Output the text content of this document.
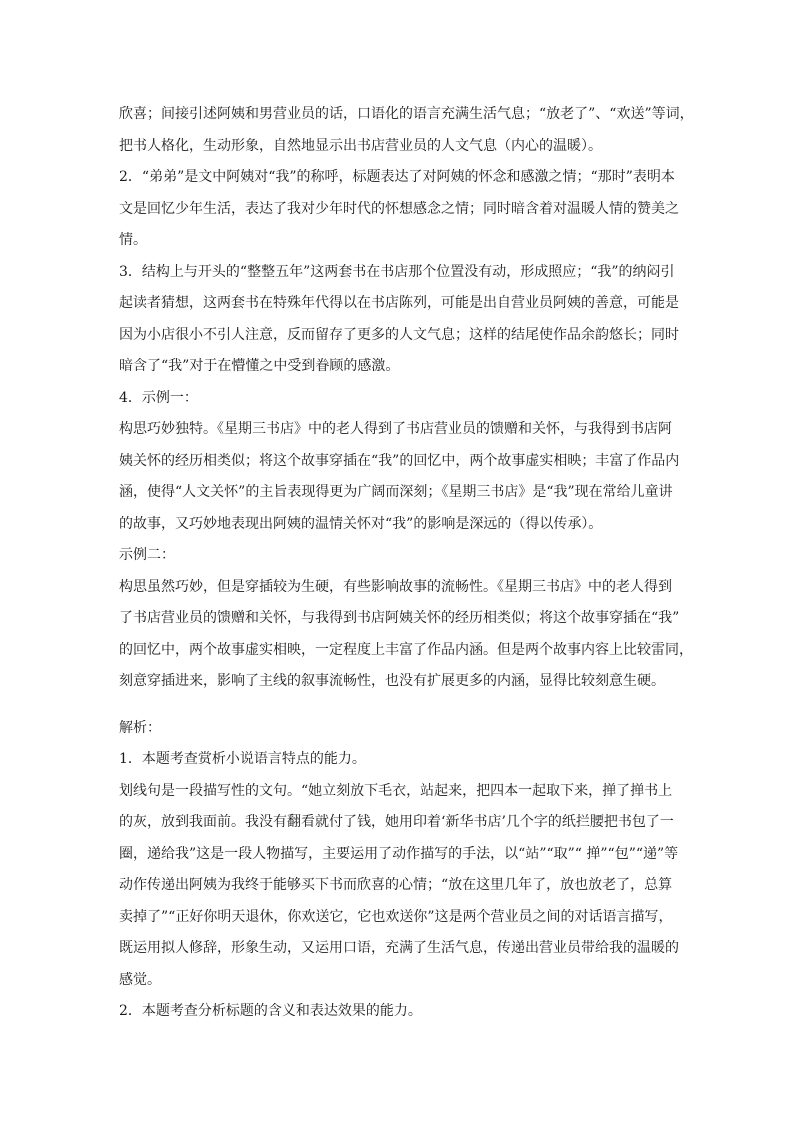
欣喜；间接引述阿姨和男营业员的话，口语化的语言充满生活气息；“放老了”、“欢送”等词，
把书人格化，生动形象，自然地显示出书店营业员的人文气息（内心的温暖）。
2．“弟弟”是文中阿姨对“我”的称呼，标题表达了对阿姨的怀念和感激之情；“那时”表明本
文是回忆少年生活，表达了我对少年时代的怀想感念之情；同时暗含着对温暖人情的赞美之
情。
3．结构上与开头的“整整五年”这两套书在书店那个位置没有动，形成照应；“我”的纳闷引
起读者猜想，这两套书在特殊年代得以在书店陈列，可能是出自营业员阿姨的善意，可能是
因为小店很小不引人注意，反而留存了更多的人文气息；这样的结尾使作品余韵悠长；同时
暗含了“我”对于在懵懂之中受到眷顾的感激。
4．示例一：
构思巧妙独特。《星期三书店》中的老人得到了书店营业员的馈赠和关怀，与我得到书店阿
姨关怀的经历相类似；将这个故事穿插在“我”的回忆中，两个故事虚实相映；丰富了作品内
涵，使得“人文关怀”的主旨表现得更为广阔而深刻；《星期三书店》是“我”现在常给儿童讲
的故事，又巧妙地表现出阿姨的温情关怀对“我”的影响是深远的（得以传承）。
示例二：
构思虽然巧妙，但是穿插较为生硬，有些影响故事的流畅性。《星期三书店》中的老人得到
了书店营业员的馈赠和关怀，与我得到书店阿姨关怀的经历相类似；将这个故事穿插在“我”
的回忆中，两个故事虚实相映，一定程度上丰富了作品内涵。但是两个故事内容上比较雷同，
刻意穿插进来，影响了主线的叙事流畅性，也没有扩展更多的内涵，显得比较刻意生硬。
解析：
1．本题考查赏析小说语言特点的能力。
划线句是一段描写性的文句。“她立刻放下毛衣，站起来，把四本一起取下来，掸了掸书上
的灰，放到我面前。我没有翻看就付了钱，她用印着‘新华书店’几个字的纸拦腰把书包了一
圈，递给我”这是一段人物描写，主要运用了动作描写的手法，以“站”“取”“ 掸”“包”“递”等
动作传递出阿姨为我终于能够买下书而欣喜的心情；“放在这里几年了，放也放老了，总算
卖掉了”“正好你明天退休，你欢送它，它也欢送你”这是两个营业员之间的对话语言描写，
既运用拟人修辞，形象生动，又运用口语，充满了生活气息，传递出营业员带给我的温暖的
感觉。
2．本题考查分析标题的含义和表达效果的能力。
